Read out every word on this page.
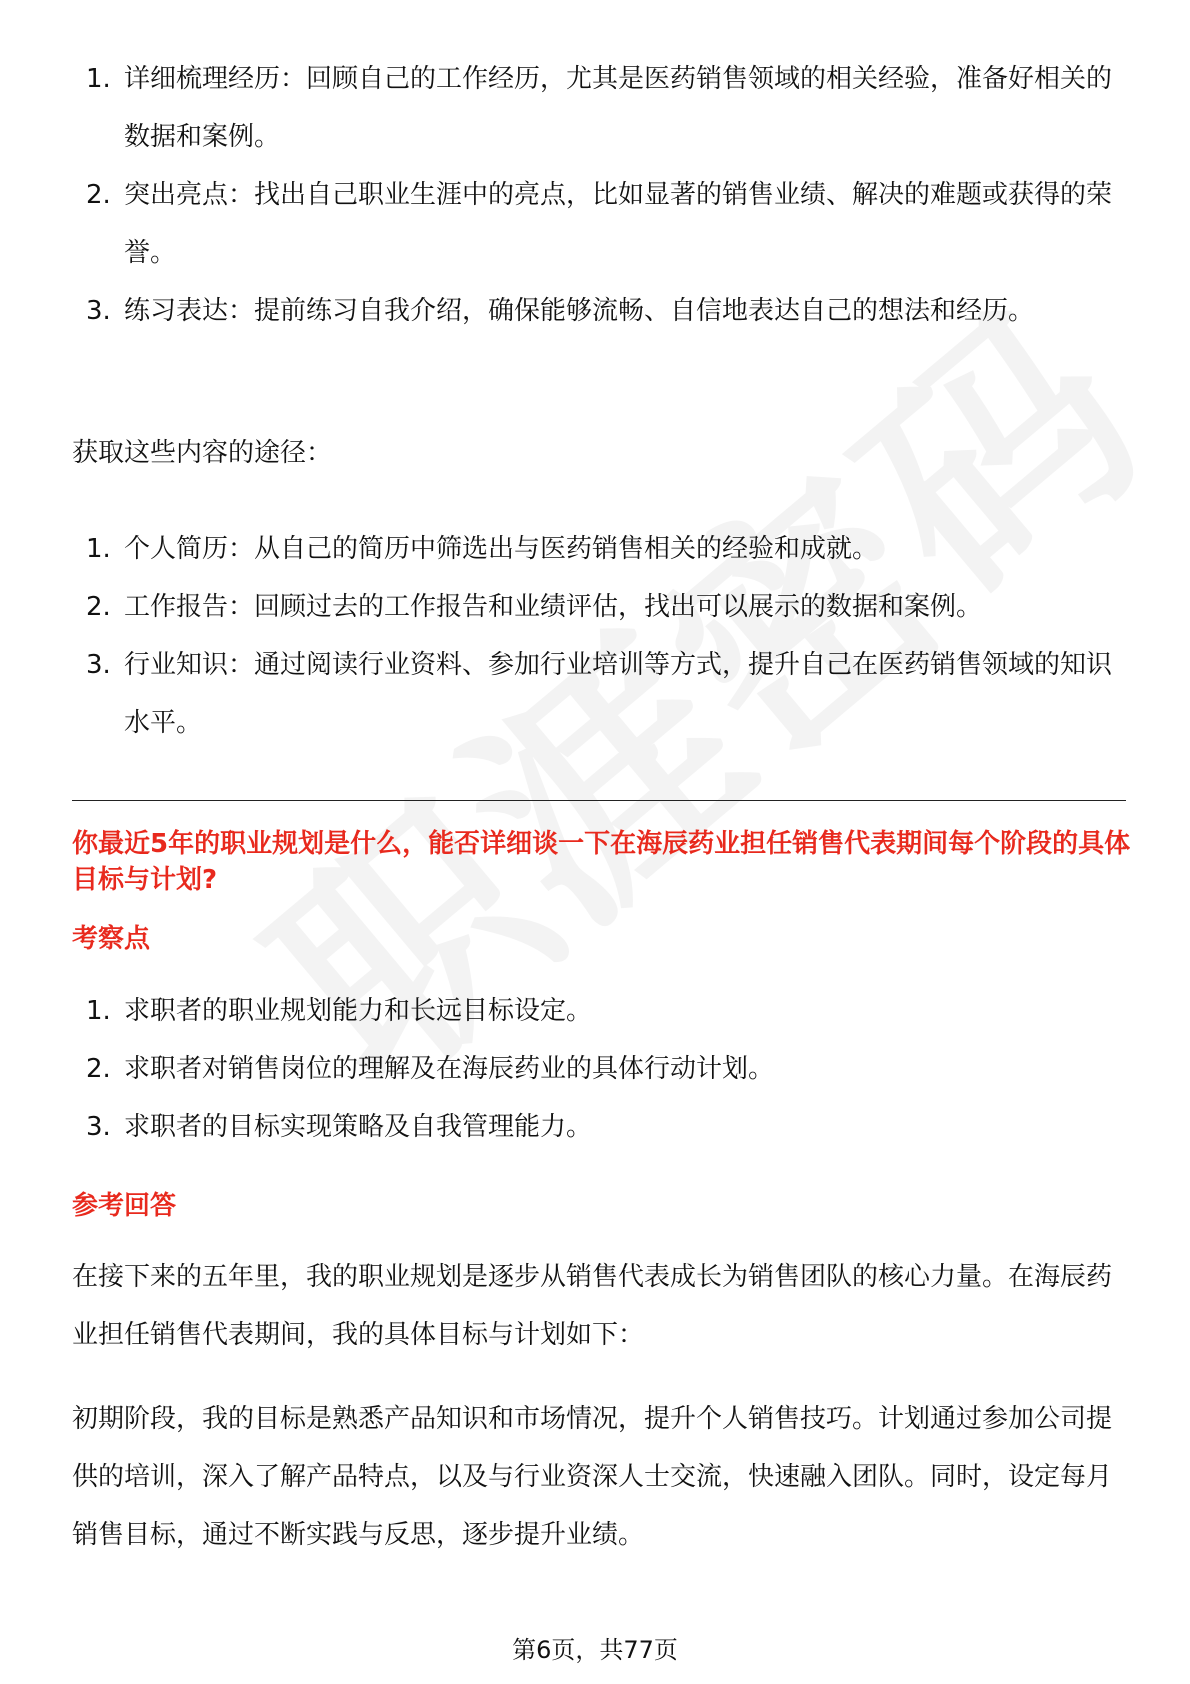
1. 详细梳理经历：回顾自己的工作经历，尤其是医药销售领域的相关经验，准备好相关的数据和案例。
2. 突出亮点：找出自己职业生涯中的亮点，比如显著的销售业绩、解决的难题或获得的荣誉。
3. 练习表达：提前练习自我介绍，确保能够流畅、自信地表达自己的想法和经历。
获取这些内容的途径：
1. 个人简历：从自己的简历中筛选出与医药销售相关的经验和成就。
2. 工作报告：回顾过去的工作报告和业绩评估，找出可以展示的数据和案例。
3. 行业知识：通过阅读行业资料、参加行业培训等方式，提升自己在医药销售领域的知识水平。
你最近5年的职业规划是什么，能否详细谈一下在海辰药业担任销售代表期间每个阶段的具体目标与计划?
考察点
1. 求职者的职业规划能力和长远目标设定。
2. 求职者对销售岗位的理解及在海辰药业的具体行动计划。
3. 求职者的目标实现策略及自我管理能力。
参考回答
在接下来的五年里，我的职业规划是逐步从销售代表成长为销售团队的核心力量。在海辰药业担任销售代表期间，我的具体目标与计划如下：
初期阶段，我的目标是熟悉产品知识和市场情况，提升个人销售技巧。计划通过参加公司提供的培训，深入了解产品特点，以及与行业资深人士交流，快速融入团队。同时，设定每月销售目标，通过不断实践与反思，逐步提升业绩。
第6页，共77页
